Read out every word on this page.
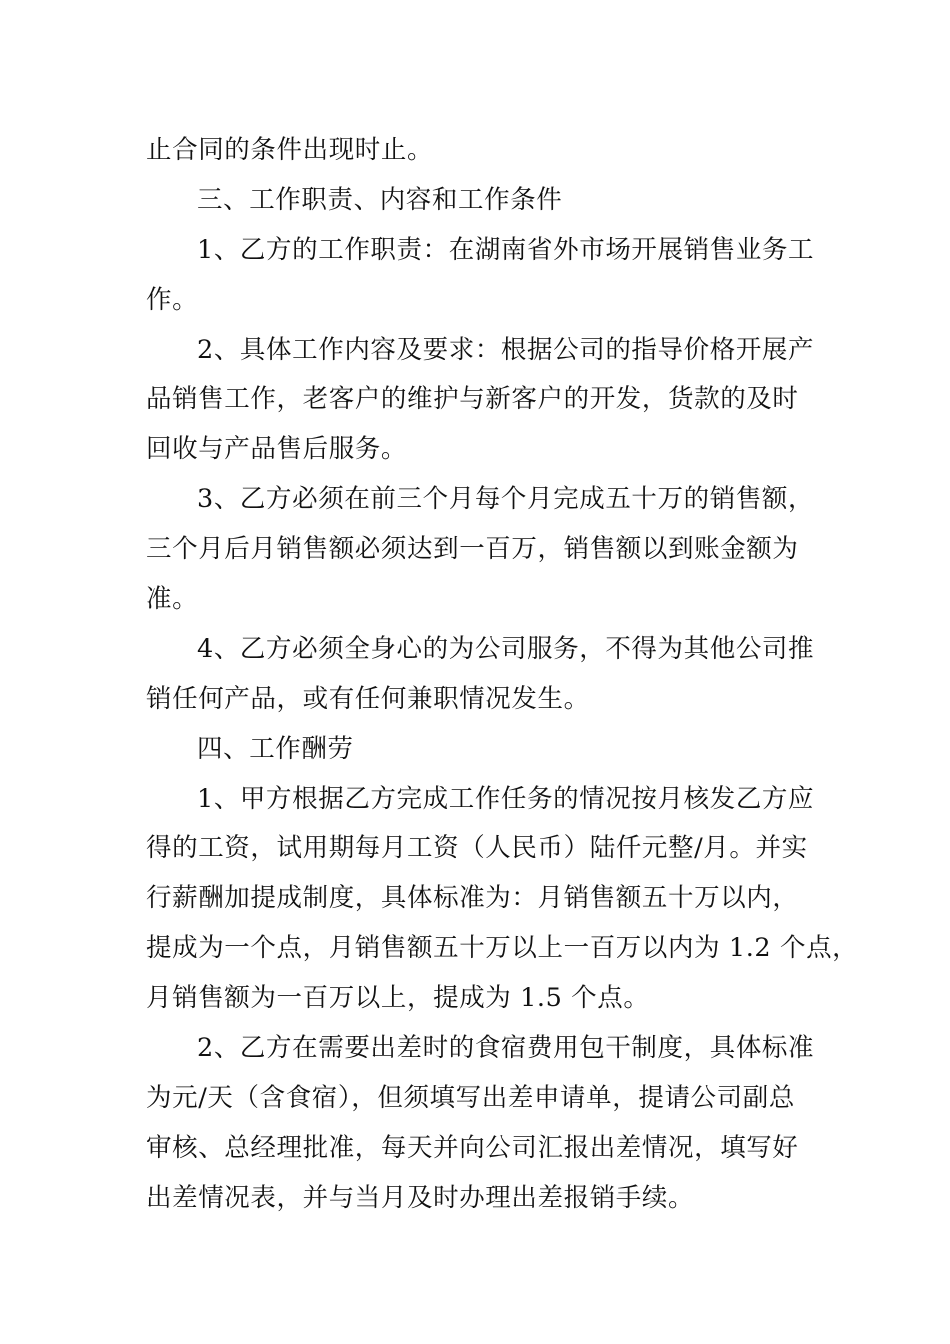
止合同的条件出现时止。
三、工作职责、内容和工作条件
1、乙方的工作职责：在湖南省外市场开展销售业务工
作。
2、具体工作内容及要求：根据公司的指导价格开展产
品销售工作，老客户的维护与新客户的开发，货款的及时
回收与产品售后服务。
3、乙方必须在前三个月每个月完成五十万的销售额，
三个月后月销售额必须达到一百万，销售额以到账金额为
准。
4、乙方必须全身心的为公司服务，不得为其他公司推
销任何产品，或有任何兼职情况发生。
四、工作酬劳
1、甲方根据乙方完成工作任务的情况按月核发乙方应
得的工资，试用期每月工资（人民币）陆仟元整/月。并实
行薪酬加提成制度，具体标准为：月销售额五十万以内，
提成为一个点，月销售额五十万以上一百万以内为 1.2 个点，
月销售额为一百万以上，提成为 1.5 个点。
2、乙方在需要出差时的食宿费用包干制度，具体标准
为元/天（含食宿），但须填写出差申请单，提请公司副总
审核、总经理批准，每天并向公司汇报出差情况，填写好
出差情况表，并与当月及时办理出差报销手续。
